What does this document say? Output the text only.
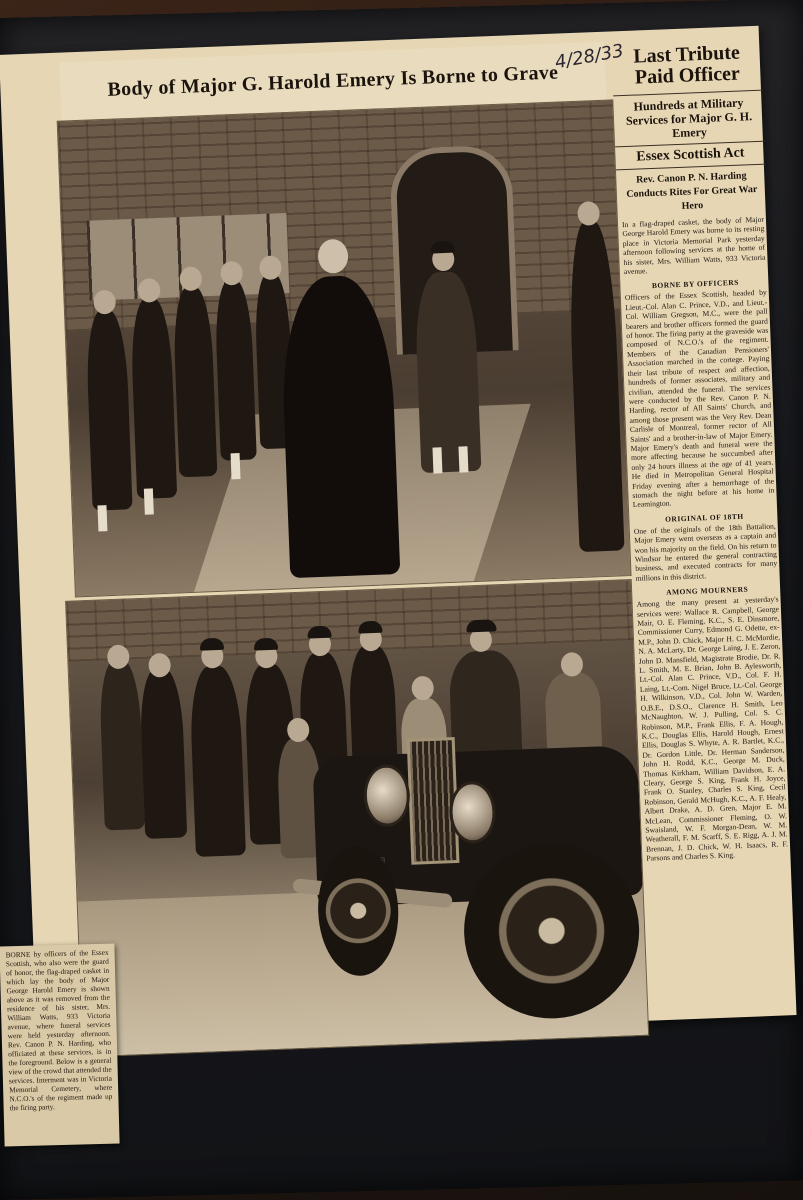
Body of Major G. Harold Emery Is Borne to Grave
4/28/33 Last Tribute Paid Officer
Hundreds at Military Services for Major G. H. Emery
Essex Scottish Act
Rev. Canon P. N. Harding Conducts Rites For Great War Hero

In a flag-draped casket, the body of Major George Harold Emery was borne to its resting place in Victoria Memorial Park yesterday afternoon following services at the home of his sister, Mrs. William Watts, 933 Victoria avenue.

BORNE BY OFFICERS

Officers of the Essex Scottish, headed by Lieut.-Col. Alan C. Prince, V.D., and Lieut.-Col. William Gregson, M.C., were the pall bearers and brother officers formed the guard of honor. The firing party at the graveside was composed of N.C.O.'s of the regiment. Members of the Canadian Pensioners' Association marched in the cortege. Paying their last tribute of respect and affection, hundreds of former associates, military and civilian, attended the funeral. The services were conducted by the Rev. Canon P. N. Harding, rector of All Saints' Church, and among those present was the Very Rev. Dean Carlisle of Montreal, former rector of All Saints' and a brother-in-law of Major Emery. Major Emery's death and funeral were the more affecting because he succumbed after only 24 hours illness at the age of 41 years. He died in Metropolitan General Hospital Friday evening after a hemorrhage of the stomach the night before at his home in Leamington.

ORIGINAL OF 18TH

One of the originals of the 18th Battalion, Major Emery went overseas as a captain and won his majority on the field. On his return to Windsor he entered the general contracting business, and executed contracts for many millions in this district.

AMONG MOURNERS

Among the many present at yesterday's services were: Wallace R. Campbell, George Mair, O. E. Fleming, K.C., S. E. Dinsmore, Commissioner Curry, Edmond G. Odette, ex-M.P., John D. Chick, Major H. C. McMordie, N. A. McLarty, Dr. George Laing, J. E. Zeron, John D. Mansfield, Magistrate Brodie, Dr. R. L. Smith, M. E. Brian, John B. Aylesworth, Lt.-Col. Alan C. Prince, V.D., Col. F. H. Laing, Lt.-Com. Nigel Bruce, Lt.-Col. George H. Wilkinson, V.D., Col. John W. Warden, O.B.E., D.S.O., Clarence H. Smith, Leo McNaughton, W. J. Pulling, Col. S. C. Robinson, M.P., Frank Ellis, F. A. Hough, K.C., Douglas Ellis, Harold Hough, Ernest Ellis, Douglas S. Whyte, A. R. Bartlet, K.C., Dr. Gordon Little, Dr. Herman Sanderson, John H. Rodd, K.C., George M. Duck, Thomas Kirkham, William Davidson, E. A. Cleary, George S. King, Frank H. Joyce, Frank O. Stanley, Charles S. King, Cecil Robinson, Gerald McHugh, K.C., A. F. Healy, Albert Drake, A. D. Gren, Major E. M. McLean, Commissioner Fleming, O. W. Swaisland, W. F. Morgan-Dean, W. M. Weatherall, F. M. Scarff, S. E. Rigg, A. J. M. Brennan, J. D. Chick, W. H. Isaacs, R. F. Parsons and Charles S. King.

BORNE by officers of the Essex Scottish, who also were the guard of honor, the flag-draped casket in which lay the body of Major George Harold Emery is shown above as it was removed from the residence of his sister, Mrs. William Watts, 933 Victoria avenue, where funeral services were held yesterday afternoon. Rev. Canon P. N. Harding, who officiated at these services, is in the foreground. Below is a general view of the crowd that attended the services. Interment was in Victoria Memorial Cemetery, where N.C.O.'s of the regiment made up the firing party.
